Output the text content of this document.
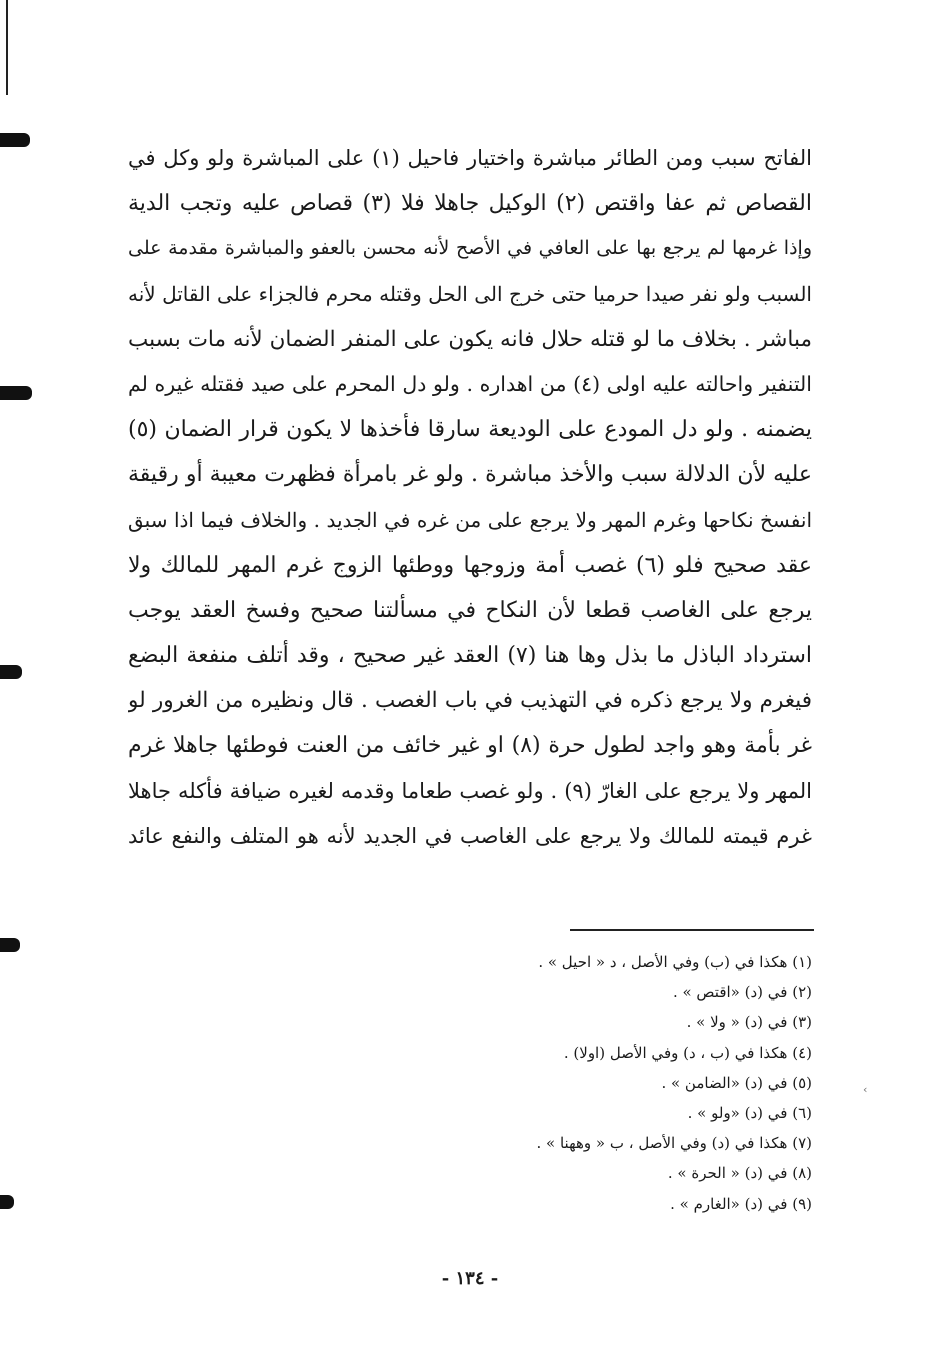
الفاتح سبب ومن الطائر مباشرة واختيار فاحيل (١) على المباشرة ولو وكل في
القصاص ثم عفا واقتص (٢) الوكيل جاهلا فلا (٣) قصاص عليه وتجب الدية
وإذا غرمها لم يرجع بها على العافي في الأصح لأنه محسن بالعفو والمباشرة مقدمة على
السبب ولو نفر صيدا حرميا حتى خرج الى الحل وقتله محرم فالجزاء على القاتل لأنه
مباشر . بخلاف ما لو قتله حلال فانه يكون على المنفر الضمان لأنه مات بسبب
التنفير واحالته عليه اولى (٤) من اهداره . ولو دل المحرم على صيد فقتله غيره لم
يضمنه . ولو دل المودع على الوديعة سارقا فأخذها لا يكون قرار الضمان (٥)
عليه لأن الدلالة سبب والأخذ مباشرة . ولو غر بامرأة فظهرت معيبة أو رقيقة
انفسخ نكاحها وغرم المهر ولا يرجع على من غره في الجديد . والخلاف فيما اذا سبق
عقد صحيح فلو (٦) غصب أمة وزوجها ووطئها الزوج غرم المهر للمالك ولا
يرجع على الغاصب قطعا لأن النكاح في مسألتنا صحيح وفسخ العقد يوجب
استرداد الباذل ما بذل وها هنا (٧) العقد غير صحيح ، وقد أتلف منفعة البضع
فيغرم ولا يرجع ذكره في التهذيب في باب الغصب . قال ونظيره من الغرور لو
غر بأمة وهو واجد لطول حرة (٨) او غير خائف من العنت فوطئها جاهلا غرم
المهر ولا يرجع على الغارّ (٩) . ولو غصب طعاما وقدمه لغيره ضيافة فأكله جاهلا
غرم قيمته للمالك ولا يرجع على الغاصب في الجديد لأنه هو المتلف والنفع عائد
(١) هكذا في (ب) وفي الأصل ، د « احيل » .
(٢) في (د) «اقتص » .
(٣) في (د) « ولا » .
(٤) هكذا في (ب ، د) وفي الأصل (اولا) .
(٥) في (د) «الضامن » .
(٦) في (د) «ولو » .
(٧) هكذا في (د) وفي الأصل ، ب « وههنا » .
(٨) في (د) « الحرة » .
(٩) في (د) «الغارم » .
‹
- ١٣٤ -
